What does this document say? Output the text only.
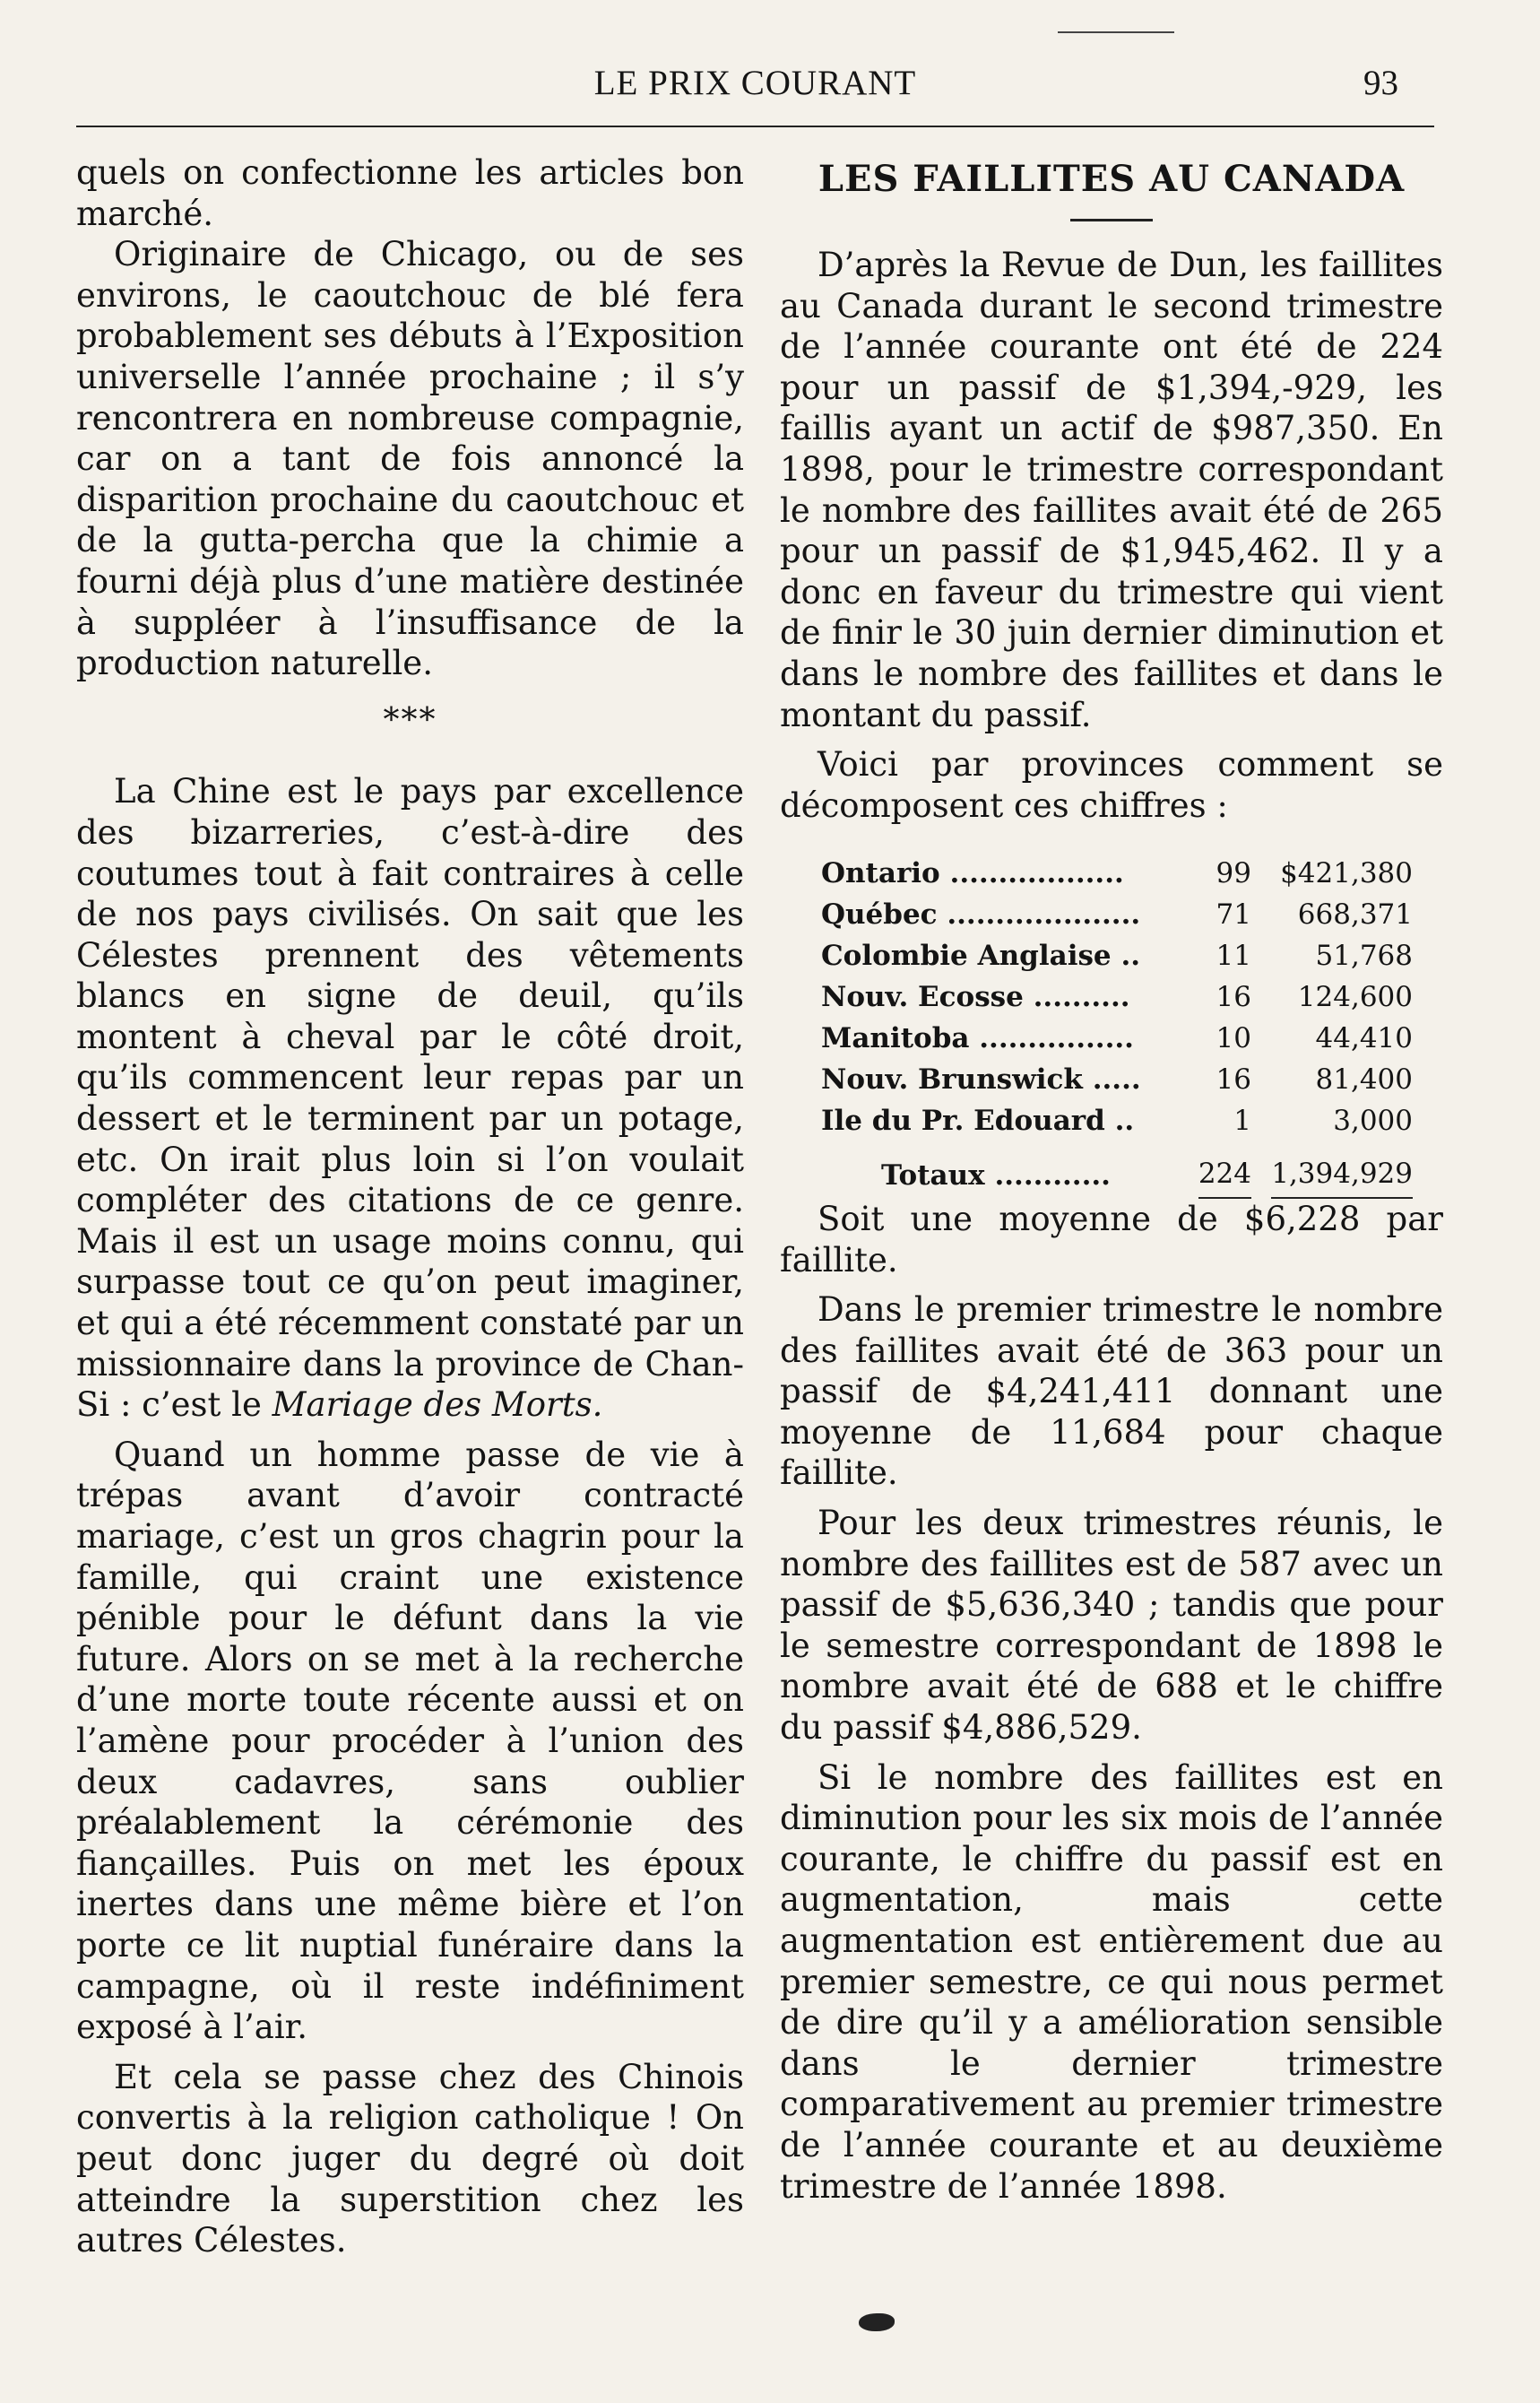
LE PRIX COURANT	93

quels on confectionne les articles bon marché.

Originaire de Chicago, ou de ses environs, le caoutchouc de blé fera probablement ses débuts à l’Exposition universelle l’année prochaine ; il s’y rencontrera en nombreuse compagnie, car on a tant de fois annoncé la disparition prochaine du caoutchouc et de la gutta-percha que la chimie a fourni déjà plus d’une matière destinée à suppléer à l’insuffisance de la production naturelle.

***

La Chine est le pays par excellence des bizarreries, c’est-à-dire des coutumes tout à fait contraires à celle de nos pays civilisés. On sait que les Célestes prennent des vêtements blancs en signe de deuil, qu’ils montent à cheval par le côté droit, qu’ils commencent leur repas par un dessert et le terminent par un potage, etc. On irait plus loin si l’on voulait compléter des citations de ce genre. Mais il est un usage moins connu, qui surpasse tout ce qu’on peut imaginer, et qui a été récemment constaté par un missionnaire dans la province de Chan-Si : c’est le Mariage des Morts.

Quand un homme passe de vie à trépas avant d’avoir contracté mariage, c’est un gros chagrin pour la famille, qui craint une existence pénible pour le défunt dans la vie future. Alors on se met à la recherche d’une morte toute récente aussi et on l’amène pour procéder à l’union des deux cadavres, sans oublier préalablement la cérémonie des fiançailles. Puis on met les époux inertes dans une même bière et l’on porte ce lit nuptial funéraire dans la campagne, où il reste indéfiniment exposé à l’air.

Et cela se passe chez des Chinois convertis à la religion catholique ! On peut donc juger du degré où doit atteindre la superstition chez les autres Célestes.

LES FAILLITES AU CANADA

D’après la Revue de Dun, les faillites au Canada durant le second trimestre de l’année courante ont été de 224 pour un passif de $1,394,-929, les faillis ayant un actif de $987,350. En 1898, pour le trimestre correspondant le nombre des faillites avait été de 265 pour un passif de $1,945,462. Il y a donc en faveur du trimestre qui vient de finir le 30 juin dernier diminution et dans le nombre des faillites et dans le montant du passif.

Voici par provinces comment se décomposent ces chiffres :

Ontario ..................	99	$421,380
Québec ....................	71	668,371
Colombie Anglaise ..	11	51,768
Nouv. Ecosse ..........	16	124,600
Manitoba ................	10	44,410
Nouv. Brunswick .....	16	81,400
Ile du Pr. Edouard ..	1	3,000
Totaux ............	224	1,394,929

Soit une moyenne de $6,228 par faillite.

Dans le premier trimestre le nombre des faillites avait été de 363 pour un passif de $4,241,411 donnant une moyenne de 11,684 pour chaque faillite.

Pour les deux trimestres réunis, le nombre des faillites est de 587 avec un passif de $5,636,340 ; tandis que pour le semestre correspondant de 1898 le nombre avait été de 688 et le chiffre du passif $4,886,529.

Si le nombre des faillites est en diminution pour les six mois de l’année courante, le chiffre du passif est en augmentation, mais cette augmentation est entièrement due au premier semestre, ce qui nous permet de dire qu’il y a amélioration sensible dans le dernier trimestre comparativement au premier trimestre de l’année courante et au deuxième trimestre de l’année 1898.
